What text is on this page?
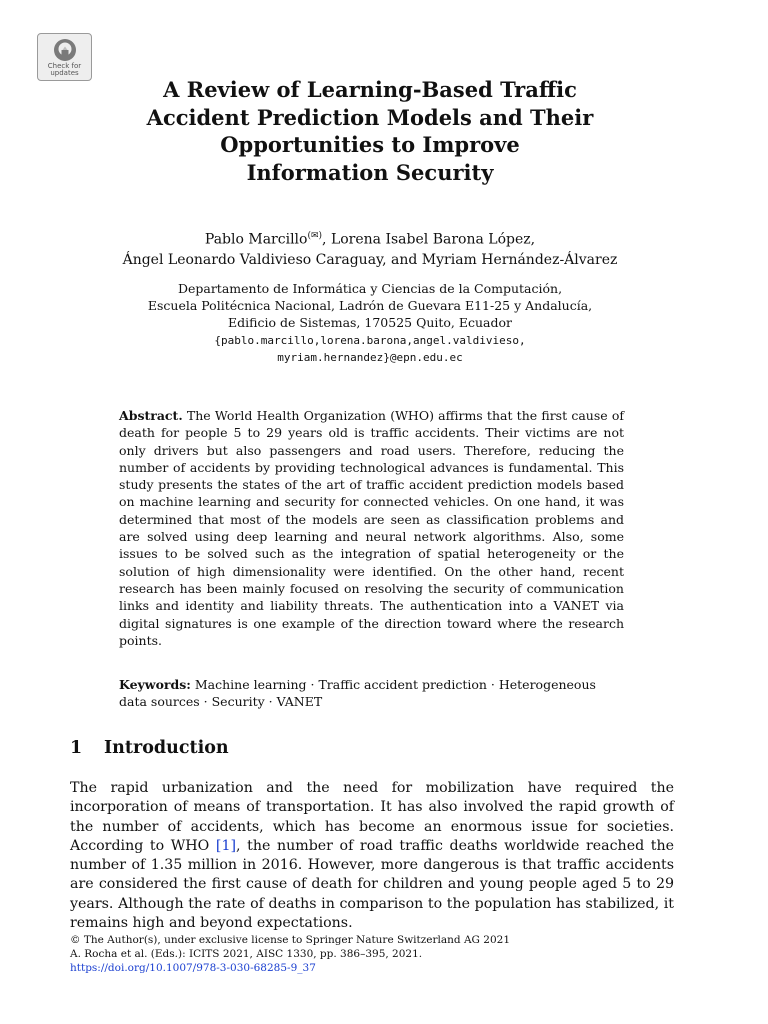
Check for
updates
A Review of Learning-Based Traffic
Accident Prediction Models and Their
Opportunities to Improve
Information Security
Pablo Marcillo(✉), Lorena Isabel Barona López,
Ángel Leonardo Valdivieso Caraguay, and Myriam Hernández-Álvarez
Departamento de Informática y Ciencias de la Computación,
Escuela Politécnica Nacional, Ladrón de Guevara E11-25 y Andalucía,
Edificio de Sistemas, 170525 Quito, Ecuador
{pablo.marcillo,lorena.barona,angel.valdivieso,
myriam.hernandez}@epn.edu.ec

Abstract. The World Health Organization (WHO) affirms that the first cause of death for people 5 to 29 years old is traffic accidents. Their victims are not only drivers but also passengers and road users. Therefore, reducing the number of accidents by providing technological advances is fundamental. This study presents the states of the art of traffic accident prediction models based on machine learning and security for connected vehicles. On one hand, it was determined that most of the models are seen as classification problems and are solved using deep learning and neural network algorithms. Also, some issues to be solved such as the integration of spatial heterogeneity or the solution of high dimensionality were identified. On the other hand, recent research has been mainly focused on resolving the security of communication links and identity and liability threats. The authentication into a VANET via digital signatures is one example of the direction toward where the research points.

Keywords: Machine learning · Traffic accident prediction · Heterogeneous data sources · Security · VANET

1 Introduction

The rapid urbanization and the need for mobilization have required the incorporation of means of transportation. It has also involved the rapid growth of the number of accidents, which has become an enormous issue for societies. According to WHO [1], the number of road traffic deaths worldwide reached the number of 1.35 million in 2016. However, more dangerous is that traffic accidents are considered the first cause of death for children and young people aged 5 to 29 years. Although the rate of deaths in comparison to the population has stabilized, it remains high and beyond expectations.

© The Author(s), under exclusive license to Springer Nature Switzerland AG 2021
A. Rocha et al. (Eds.): ICITS 2021, AISC 1330, pp. 386–395, 2021.
https://doi.org/10.1007/978-3-030-68285-9_37
